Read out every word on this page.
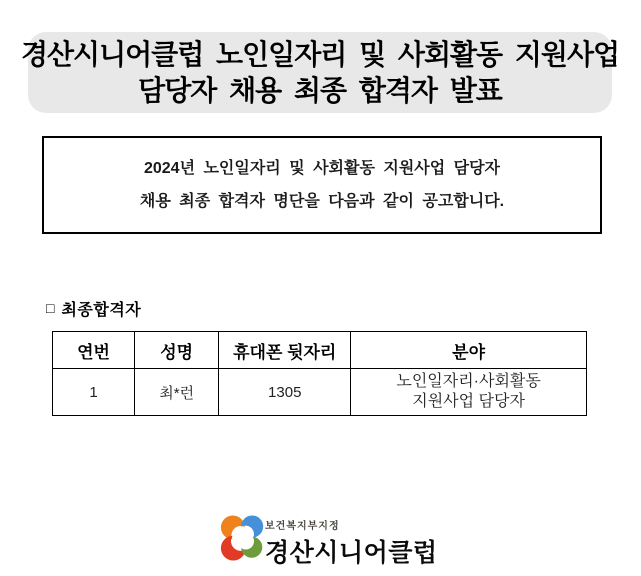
경산시니어클럽 노인일자리 및 사회활동 지원사업
담당자 채용 최종 합격자 발표
2024년 노인일자리 및 사회활동 지원사업 담당자
채용 최종 합격자 명단을 다음과 같이 공고합니다.
□ 최종합격자
연번	성명	휴대폰 뒷자리	분야
1	최*런	1305	노인일자리·사회활동
지원사업 담당자
보건복지부지정
경산시니어클럽
